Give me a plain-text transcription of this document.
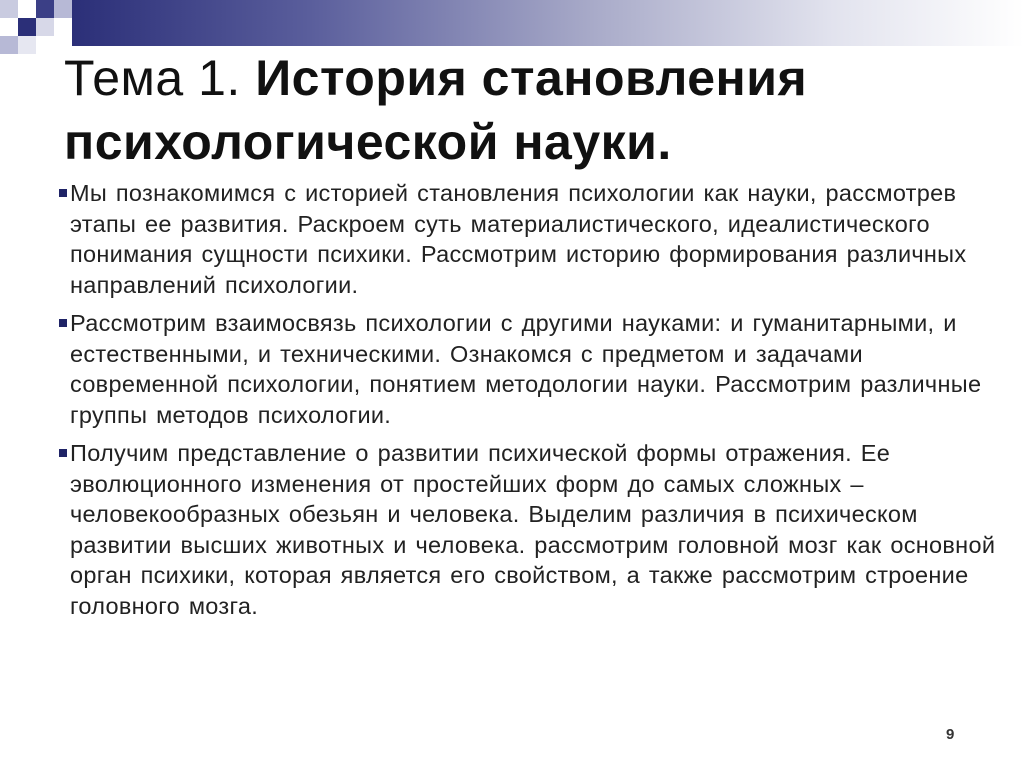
Тема 1. История становления психологической науки.
Мы познакомимся с историей становления психологии как науки, рассмотрев этапы ее развития. Раскроем суть материалистического, идеалистического понимания сущности психики. Рассмотрим историю формирования различных направлений психологии.
Рассмотрим взаимосвязь психологии с другими науками: и гуманитарными, и естественными, и техническими. Ознакомся с предметом и задачами современной психологии, понятием методологии науки. Рассмотрим различные группы методов психологии.
Получим представление о развитии психической формы отражения. Ее эволюционного изменения от простейших форм до самых сложных – человекообразных обезьян и человека. Выделим различия в психическом развитии высших животных и человека. рассмотрим головной мозг как основной орган психики, которая является его свойством, а также рассмотрим строение головного мозга.
9
